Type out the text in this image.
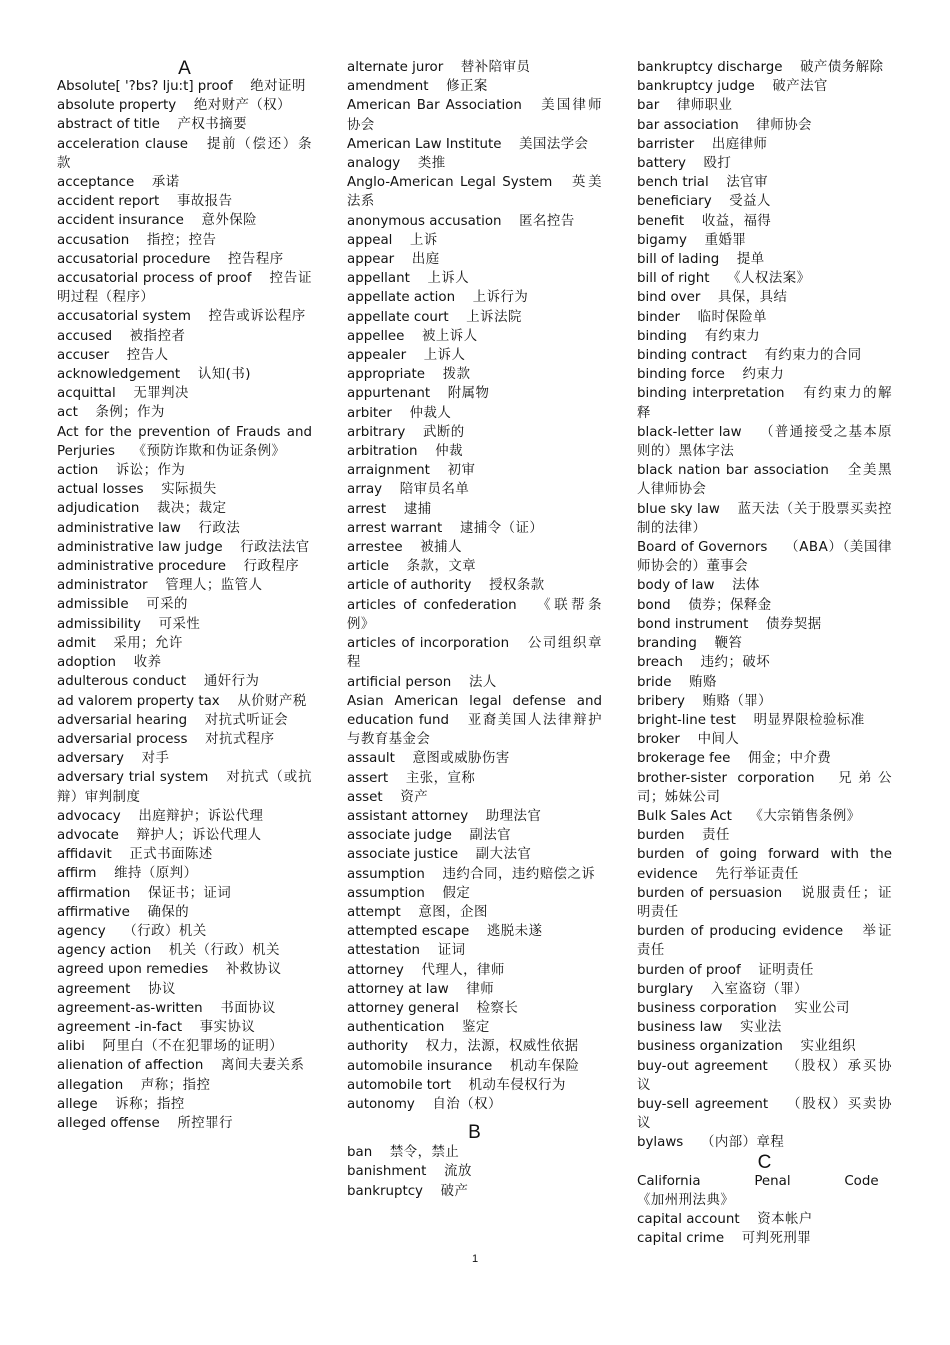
A
Absolute[ '?bs? lju:t] proof  绝对证明
absolute property  绝对财产（权）
abstract of title  产权书摘要
acceleration clause  提前（偿还）条款
acceptance  承诺
accident report  事故报告
accident insurance  意外保险
accusation  指控；控告
accusatorial procedure  控告程序
accusatorial process of proof  控告证明过程（程序）
accusatorial system  控告或诉讼程序
accused  被指控者
accuser  控告人
acknowledgement  认知(书)
acquittal  无罪判决
act  条例；作为
Act for the prevention of Frauds and Perjuries  《预防诈欺和伪证条例》
action  诉讼；作为
actual losses  实际损失
adjudication  裁决；裁定
administrative law  行政法
administrative law judge  行政法法官
administrative procedure  行政程序
administrator  管理人；监管人
admissible  可采的
admissibility  可采性
admit  采用；允许
adoption  收养
adulterous conduct  通奸行为
ad valorem property tax  从价财产税
adversarial hearing  对抗式听证会
adversarial process  对抗式程序
adversary  对手
adversary trial system  对抗式（或抗辩）审判制度
advocacy  出庭辩护；诉讼代理
advocate  辩护人；诉讼代理人
affidavit  正式书面陈述
affirm  维持（原判）
affirmation  保证书；证词
affirmative  确保的
agency  （行政）机关
agency action  机关（行政）机关
agreed upon remedies  补救协议
agreement  协议
agreement-as-written  书面协议
agreement -in-fact  事实协议
alibi  阿里白（不在犯罪场的证明）
alienation of affection  离间夫妻关系
allegation  声称；指控
allege  诉称；指控
alleged offense  所控罪行
alternate juror  替补陪审员
amendment  修正案
American Bar Association  美国律师协会
American Law Institute  美国法学会
analogy  类推
Anglo-American Legal System  英美法系
anonymous accusation  匿名控告
appeal  上诉
appear  出庭
appellant  上诉人
appellate action  上诉行为
appellate court  上诉法院
appellee  被上诉人
appealer  上诉人
appropriate  拨款
appurtenant  附属物
arbiter  仲裁人
arbitrary  武断的
arbitration  仲裁
arraignment  初审
array  陪审员名单
arrest  逮捕
arrest warrant  逮捕令（证）
arrestee  被捕人
article  条款，文章
article of authority  授权条款
articles of confederation  《联帮条例》
articles of incorporation  公司组织章程
artificial person  法人
Asian American legal defense and education fund  亚裔美国人法律辩护与教育基金会
assault  意图或威胁伤害
assert  主张，宣称
asset  资产
assistant attorney  助理法官
associate judge  副法官
associate justice  副大法官
assumption  违约合同，违约赔偿之诉
assumption  假定
attempt  意图，企图
attempted escape  逃脱未遂
attestation  证词
attorney  代理人，律师
attorney at law  律师
attorney general  检察长
authentication  鉴定
authority  权力，法源，权威性依据
automobile insurance  机动车保险
automobile tort  机动车侵权行为
autonomy  自治（权）
B
ban  禁令，禁止
banishment  流放
bankruptcy  破产
bankruptcy discharge  破产债务解除
bankruptcy judge  破产法官
bar  律师职业
bar association  律师协会
barrister  出庭律师
battery  殴打
bench trial  法官审
beneficiary  受益人
benefit  收益，福得
bigamy  重婚罪
bill of lading  提单
bill of right  《人权法案》
bind over  具保，具结
binder  临时保险单
binding  有约束力
binding contract  有约束力的合同
binding force  约束力
binding interpretation  有约束力的解释
black-letter law  （普通接受之基本原则的）黑体字法
black nation bar association  全美黑人律师协会
blue sky law  蓝天法（关于股票买卖控制的法律）
Board of Governors  （ABA）（美国律师协会的）董事会
body of law  法体
bond  债券；保释金
bond instrument  债券契据
branding  鞭笞
breach  违约；破坏
bride  贿赂
bribery  贿赂（罪）
bright-line test  明显界限检验标准
broker  中间人
brokerage fee  佣金；中介费
brother-sister corporation  兄弟公司；姊妹公司
Bulk Sales Act  《大宗销售条例》
burden  责任
burden of going forward with the evidence  先行举证责任
burden of persuasion  说服责任；证明责任
burden of producing evidence  举证责任
burden of proof  证明责任
burglary  入室盗窃（罪）
business corporation  实业公司
business law  实业法
business organization  实业组织
buy-out agreement  （股权）承买协议
buy-sell agreement  （股权）买卖协议
bylaws  （内部）章程
C
California Penal Code  《加州刑法典》
capital account  资本帐户
capital crime  可判死刑罪
1
